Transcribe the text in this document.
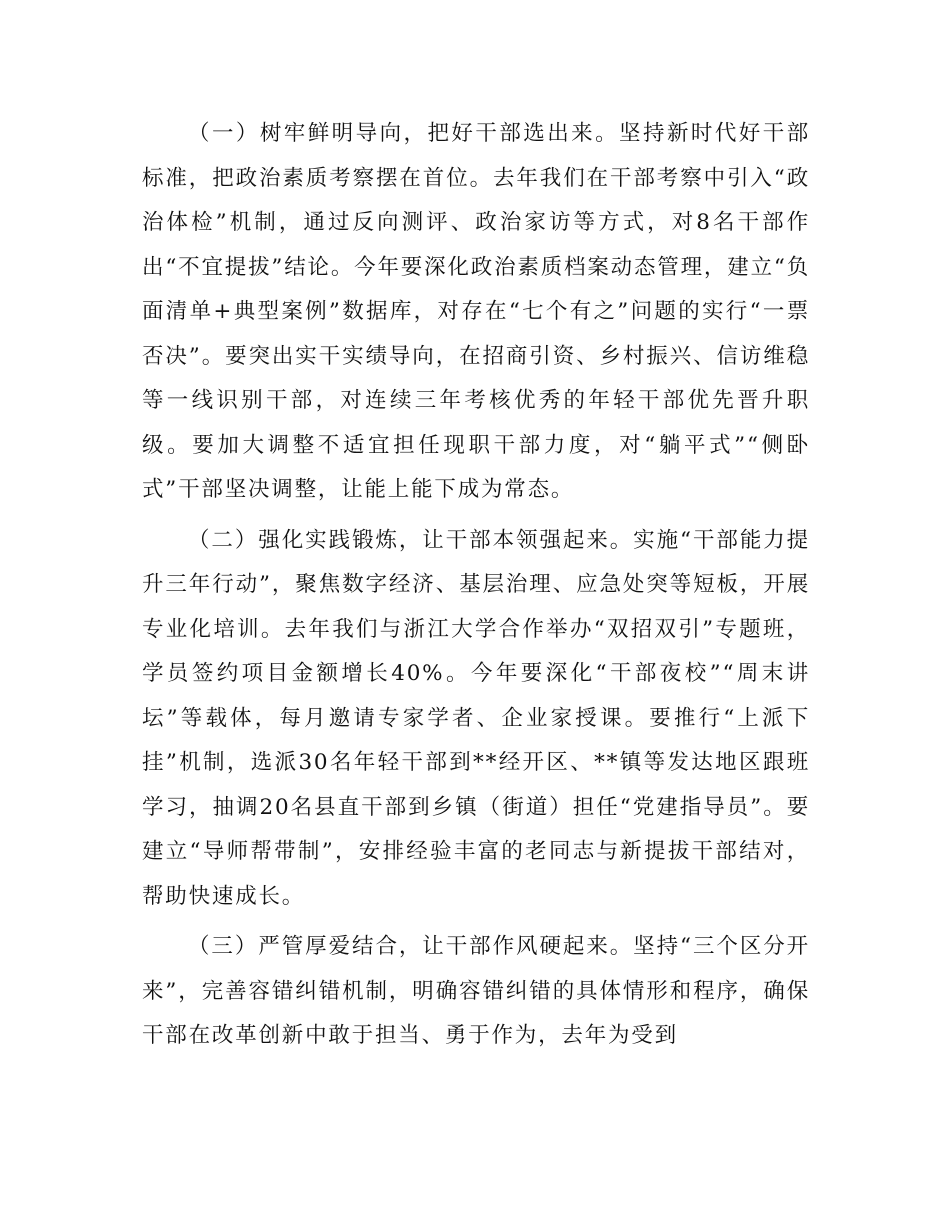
（一）树牢鲜明导向，把好干部选出来。坚持新时代好干部标准，把政治素质考察摆在首位。去年我们在干部考察中引入“政治体检”机制，通过反向测评、政治家访等方式，对8名干部作出“不宜提拔”结论。今年要深化政治素质档案动态管理，建立“负面清单+典型案例”数据库，对存在“七个有之”问题的实行“一票否决”。要突出实干实绩导向，在招商引资、乡村振兴、信访维稳等一线识别干部，对连续三年考核优秀的年轻干部优先晋升职级。要加大调整不适宜担任现职干部力度，对“躺平式”“侧卧式”干部坚决调整，让能上能下成为常态。

（二）强化实践锻炼，让干部本领强起来。实施“干部能力提升三年行动”，聚焦数字经济、基层治理、应急处突等短板，开展专业化培训。去年我们与浙江大学合作举办“双招双引”专题班，学员签约项目金额增长40%。今年要深化“干部夜校”“周末讲坛”等载体，每月邀请专家学者、企业家授课。要推行“上派下挂”机制，选派30名年轻干部到**经开区、**镇等发达地区跟班学习，抽调20名县直干部到乡镇（街道）担任“党建指导员”。要建立“导师帮带制”，安排经验丰富的老同志与新提拔干部结对，帮助快速成长。

（三）严管厚爱结合，让干部作风硬起来。坚持“三个区分开来”，完善容错纠错机制，明确容错纠错的具体情形和程序，确保干部在改革创新中敢于担当、勇于作为，去年为受到
